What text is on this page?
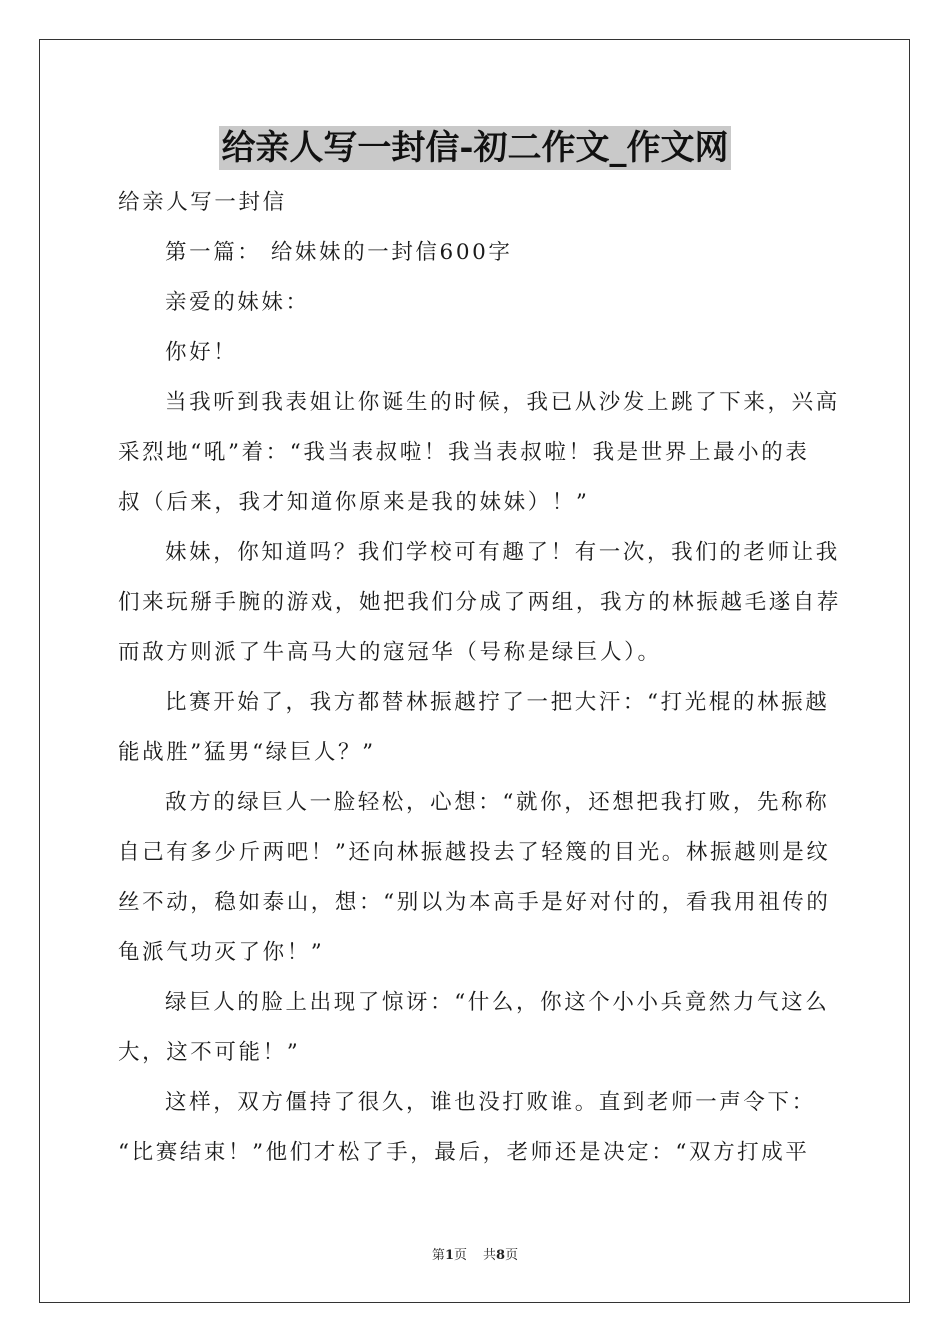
给亲人写一封信-初二作文_作文网

给亲人写一封信

第一篇： 给妹妹的一封信600字

亲爱的妹妹：

你好！

当我听到我表姐让你诞生的时候，我已从沙发上跳了下来，兴高

采烈地“吼”着：“我当表叔啦！我当表叔啦！我是世界上最小的表

叔（后来，我才知道你原来是我的妹妹）！”

妹妹，你知道吗？我们学校可有趣了！有一次，我们的老师让我

们来玩掰手腕的游戏，她把我们分成了两组，我方的林振越毛遂自荐

而敌方则派了牛高马大的寇冠华（号称是绿巨人）。

比赛开始了，我方都替林振越拧了一把大汗：“打光棍的林振越

能战胜”猛男“绿巨人？”

敌方的绿巨人一脸轻松，心想：“就你，还想把我打败，先称称

自己有多少斤两吧！”还向林振越投去了轻篾的目光。林振越则是纹

丝不动，稳如泰山，想：“别以为本高手是好对付的，看我用祖传的

龟派气功灭了你！”

绿巨人的脸上出现了惊讶：“什么，你这个小小兵竟然力气这么

大，这不可能！”

这样，双方僵持了很久，谁也没打败谁。直到老师一声令下：

“比赛结束！”他们才松了手，最后，老师还是决定：“双方打成平

第1页 共8页
